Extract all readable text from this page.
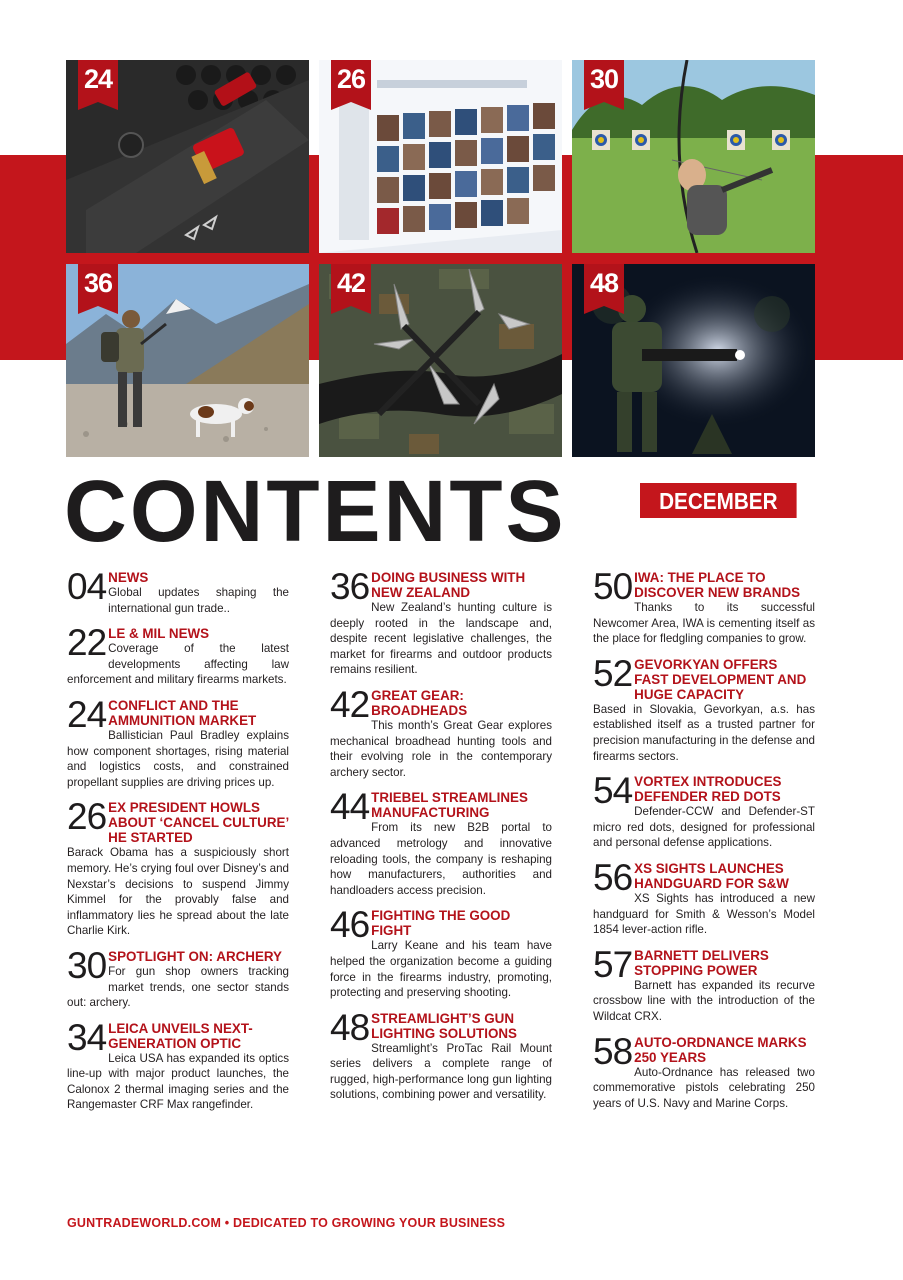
24	26	30
36	42	48
CONTENTS	DECEMBER 2025
04 NEWS
Global updates shaping the international gun trade..
22 LE & MIL NEWS
Coverage of the latest developments affecting law enforcement and military firearms markets.
24 CONFLICT AND THE AMMUNITION MARKET
Ballistician Paul Bradley explains how component shortages, rising material and logistics costs, and constrained propellant supplies are driving prices up.
26 EX PRESIDENT HOWLS ABOUT ‘CANCEL CULTURE’ HE STARTED
Barack Obama has a suspiciously short memory. He’s crying foul over Disney’s and Nexstar’s decisions to suspend Jimmy Kimmel for the provably false and inflammatory lies he spread about the late Charlie Kirk.
30 SPOTLIGHT ON: ARCHERY
For gun shop owners tracking market trends, one sector stands out: archery.
34 LEICA UNVEILS NEXT-GENERATION OPTIC
Leica USA has expanded its optics line-up with major product launches, the Calonox 2 thermal imaging series and the Rangemaster CRF Max rangefinder.
36 DOING BUSINESS WITH NEW ZEALAND
New Zealand’s hunting culture is deeply rooted in the landscape and, despite recent legislative challenges, the market for firearms and outdoor products remains resilient.
42 GREAT GEAR: BROADHEADS
This month’s Great Gear explores mechanical broadhead hunting tools and their evolving role in the contemporary archery sector.
44 TRIEBEL STREAMLINES MANUFACTURING
From its new B2B portal to advanced metrology and innovative reloading tools, the company is reshaping how manufacturers, authorities and handloaders access precision.
46 FIGHTING THE GOOD FIGHT
Larry Keane and his team have helped the organization become a guiding force in the firearms industry, promoting, protecting and preserving shooting.
48 STREAMLIGHT’S GUN LIGHTING SOLUTIONS
Streamlight’s ProTac Rail Mount series delivers a complete range of rugged, high-performance long gun lighting solutions, combining power and versatility.
50 IWA: THE PLACE TO DISCOVER NEW BRANDS
Thanks to its successful Newcomer Area, IWA is cementing itself as the place for fledgling companies to grow.
52 GEVORKYAN OFFERS FAST DEVELOPMENT AND HUGE CAPACITY
Based in Slovakia, Gevorkyan, a.s. has established itself as a trusted partner for precision manufacturing in the defense and firearms sectors.
54 VORTEX INTRODUCES DEFENDER RED DOTS
Defender-CCW and Defender-ST micro red dots, designed for professional and personal defense applications.
56 XS SIGHTS LAUNCHES HANDGUARD FOR S&W
XS Sights has introduced a new handguard for Smith & Wesson’s Model 1854 lever-action rifle.
57 BARNETT DELIVERS STOPPING POWER
Barnett has expanded its recurve crossbow line with the introduction of the Wildcat CRX.
58 AUTO-ORDNANCE MARKS 250 YEARS
Auto-Ordnance has released two commemorative pistols celebrating 250 years of U.S. Navy and Marine Corps.
GUNTRADEWORLD.COM • DEDICATED TO GROWING YOUR BUSINESS
